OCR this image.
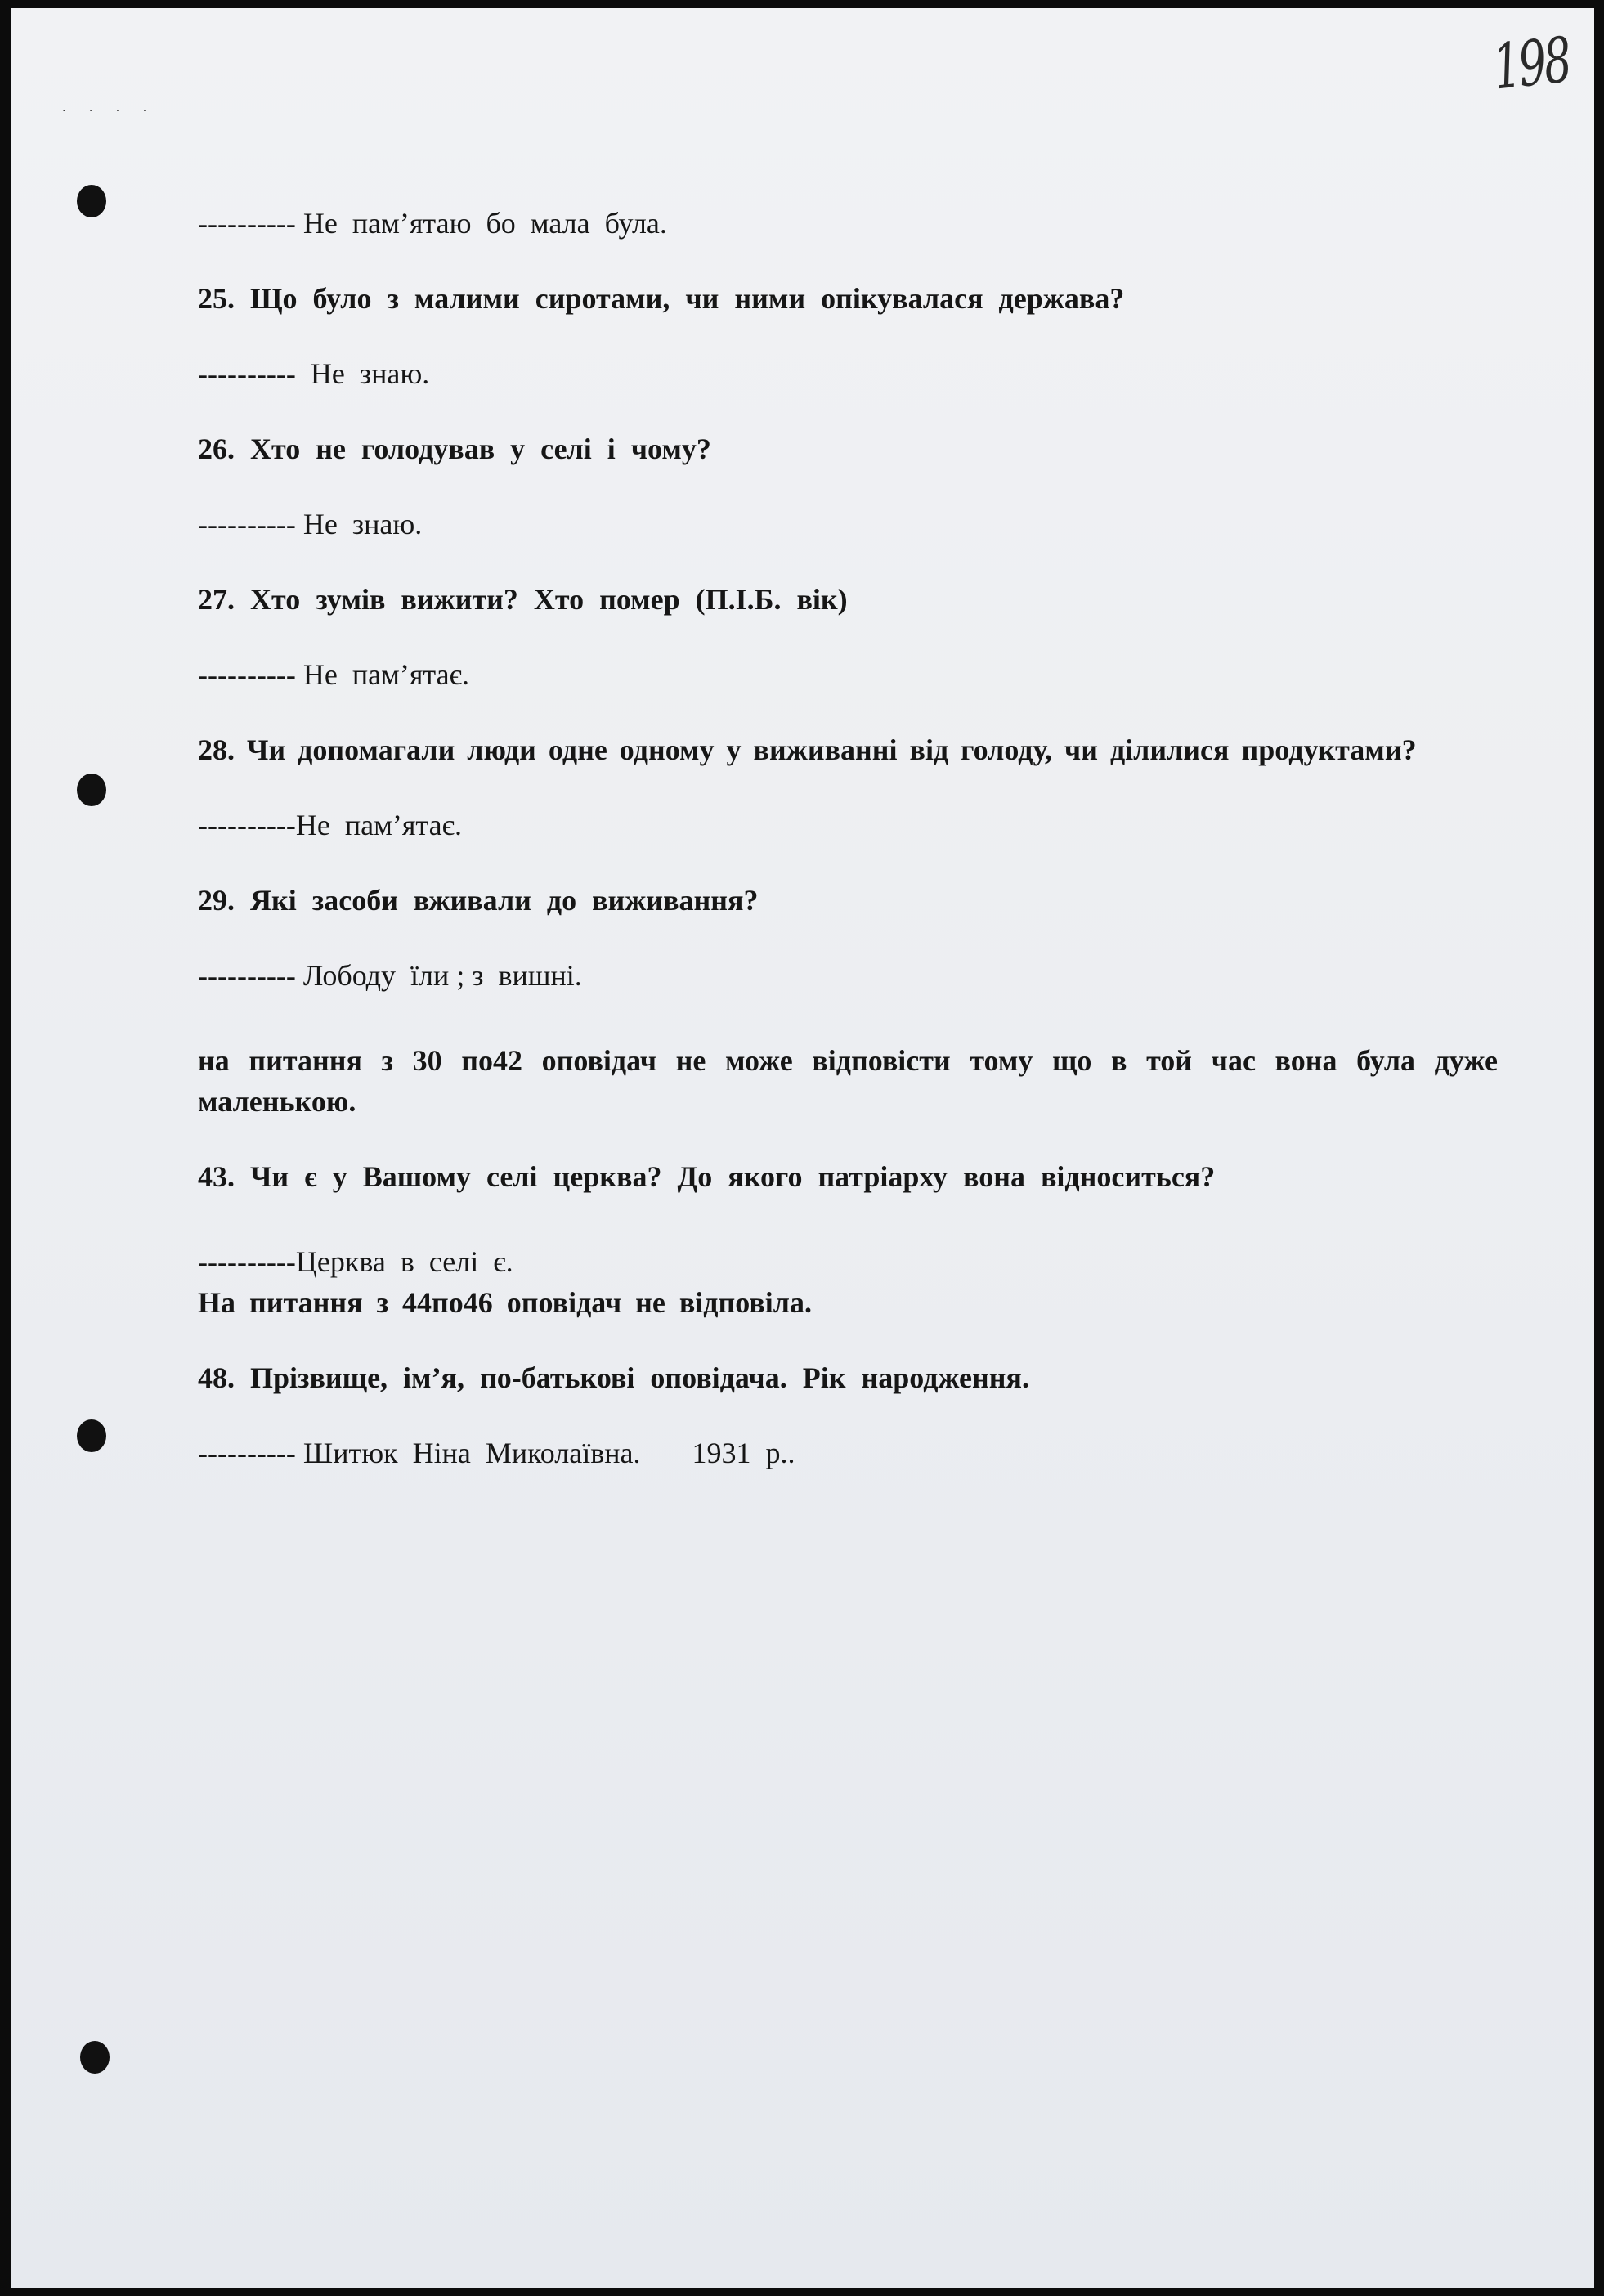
198
· · · ·

---------- Не  пам’ятаю  бо  мала  була.

25. Що було з малими сиротами, чи ними опікувалася держава?

----------  Не  знаю.

26. Хто не голодував у селі і чому?

---------- Не  знаю.

27. Хто зумів вижити? Хто помер (П.І.Б. вік)

---------- Не  пам’ятає.

28. Чи допомагали люди одне одному у виживанні від голоду, чи ділилися продуктами?

----------Не  пам’ятає.

29. Які засоби вживали до виживання?

---------- Лободу  їли ; з  вишні.

на питання з 30 по42 оповідач не може відповісти тому що в той час вона була дуже маленькою.

43. Чи є у Вашому селі церква? До якого патріарху вона відноситься?

----------Церква  в  селі  є.

На питання з 44по46 оповідач не відповіла.

48. Прізвище, ім’я, по-батькові оповідача. Рік народження.

---------- Шитюк  Ніна  Миколаївна.       1931  р..
